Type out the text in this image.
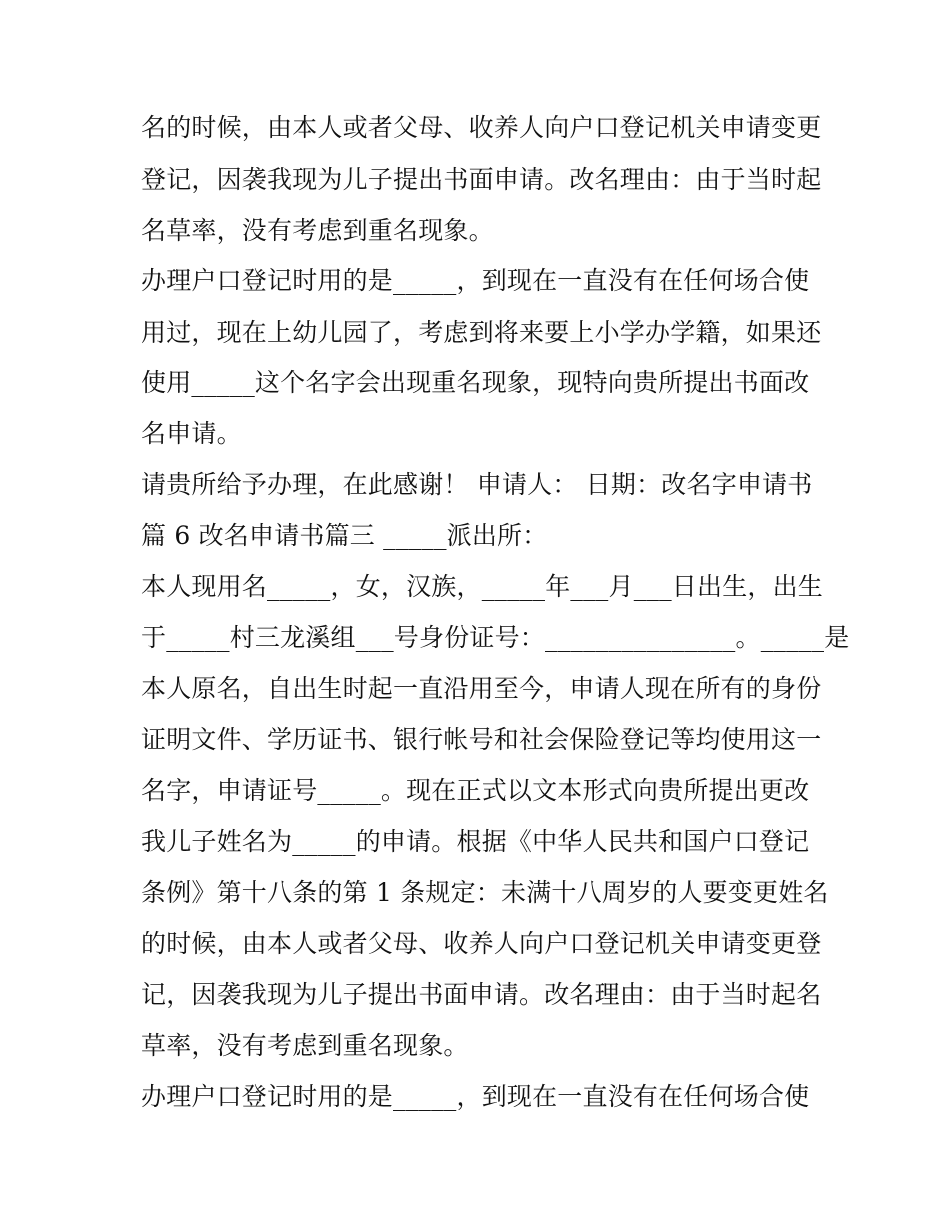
名的时候，由本人或者父母、收养人向户口登记机关申请变更
登记，因袭我现为儿子提出书面申请。改名理由：由于当时起
名草率，没有考虑到重名现象。
办理户口登记时用的是_____，到现在一直没有在任何场合使
用过，现在上幼儿园了，考虑到将来要上小学办学籍，如果还
使用_____这个名字会出现重名现象，现特向贵所提出书面改
名申请。
请贵所给予办理，在此感谢！ 申请人： 日期：改名字申请书
篇 6 改名申请书篇三 _____派出所：
本人现用名_____，女，汉族，_____年___月___日出生，出生
于_____村三龙溪组___号身份证号：_______________。_____是
本人原名，自出生时起一直沿用至今，申请人现在所有的身份
证明文件、学历证书、银行帐号和社会保险登记等均使用这一
名字，申请证号_____。现在正式以文本形式向贵所提出更改
我儿子姓名为_____的申请。根据《中华人民共和国户口登记
条例》第十八条的第 1 条规定：未满十八周岁的人要变更姓名
的时候，由本人或者父母、收养人向户口登记机关申请变更登
记，因袭我现为儿子提出书面申请。改名理由：由于当时起名
草率，没有考虑到重名现象。
办理户口登记时用的是_____，到现在一直没有在任何场合使
